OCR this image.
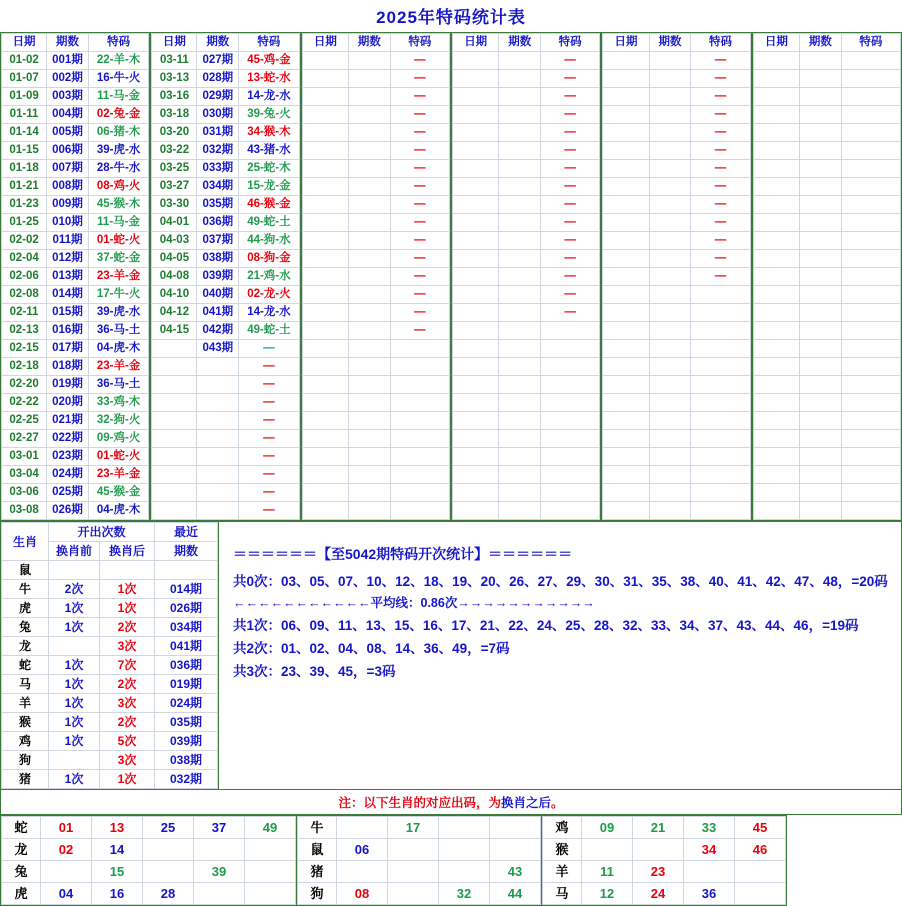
2025年特码统计表
日期	期数	特码
01-02	001期	22-羊-木
01-07	002期	16-牛-火
01-09	003期	11-马-金
01-11	004期	02-兔-金
01-14	005期	06-猪-木
01-15	006期	39-虎-水
01-18	007期	28-牛-水
01-21	008期	08-鸡-火
01-23	009期	45-猴-木
01-25	010期	11-马-金
02-02	011期	01-蛇-火
02-04	012期	37-蛇-金
02-06	013期	23-羊-金
02-08	014期	17-牛-火
02-11	015期	39-虎-水
02-13	016期	36-马-土
02-15	017期	04-虎-木
02-18	018期	23-羊-金
02-20	019期	36-马-土
02-22	020期	33-鸡-木
02-25	021期	32-狗-火
02-27	022期	09-鸡-火
03-01	023期	01-蛇-火
03-04	024期	23-羊-金
03-06	025期	45-猴-金
03-08	026期	04-虎-木
日期	期数	特码
03-11	027期	45-鸡-金
03-13	028期	13-蛇-水
03-16	029期	14-龙-水
03-18	030期	39-兔-火
03-20	031期	34-猴-木
03-22	032期	43-猪-水
03-25	033期	25-蛇-木
03-27	034期	15-龙-金
03-30	035期	46-猴-金
04-01	036期	49-蛇-土
04-03	037期	44-狗-水
04-05	038期	08-狗-金
04-08	039期	21-鸡-水
04-10	040期	02-龙-火
04-12	041期	14-龙-水
04-15	042期	49-蛇-土
	043期	—
		—
		—
		—
		—
		—
		—
		—
		—
		—
日期	期数	特码
		—
		—
		—
		—
		—
		—
		—
		—
		—
		—
		—
		—
		—
		—
		—
		—

日期	期数	特码
		—
		—
		—
		—
		—
		—
		—
		—
		—
		—
		—
		—
		—
		—
		—

日期	期数	特码
		—
		—
		—
		—
		—
		—
		—
		—
		—
		—
		—
		—
		—

日期	期数	特码

生肖	开出次数		最近
	换肖前	换肖后	期数
鼠			
牛	2次	1次	014期
虎	1次	1次	026期
兔	1次	2次	034期
龙		3次	041期
蛇	1次	7次	036期
马	1次	2次	019期
羊	1次	3次	024期
猴	1次	2次	035期
鸡	1次	5次	039期
狗		3次	038期
猪	1次	1次	032期
＝＝＝＝＝＝【至5042期特码开次统计】＝＝＝＝＝＝
共0次：03、05、07、10、12、18、19、20、26、27、29、30、31、35、38、40、41、42、47、48，=20码
←←←←←←←←←←←平均线：0.86次→→→→→→→→→→→
共1次：06、09、11、13、15、16、17、21、22、24、25、28、32、33、34、37、43、44、46，=19码
共2次：01、02、04、08、14、36、49，=7码
共3次：23、39、45，=3码
注：以下生肖的对应出码，为换肖之后。
蛇	01	13	25	37	49
龙	02	14			
兔		15		39	
虎	04	16	28		
牛		17		
鼠	06			
猪				43
狗	08		32	44
鸡	09	21	33	45
猴			34	46
羊	11	23		
马	12	24	36	
